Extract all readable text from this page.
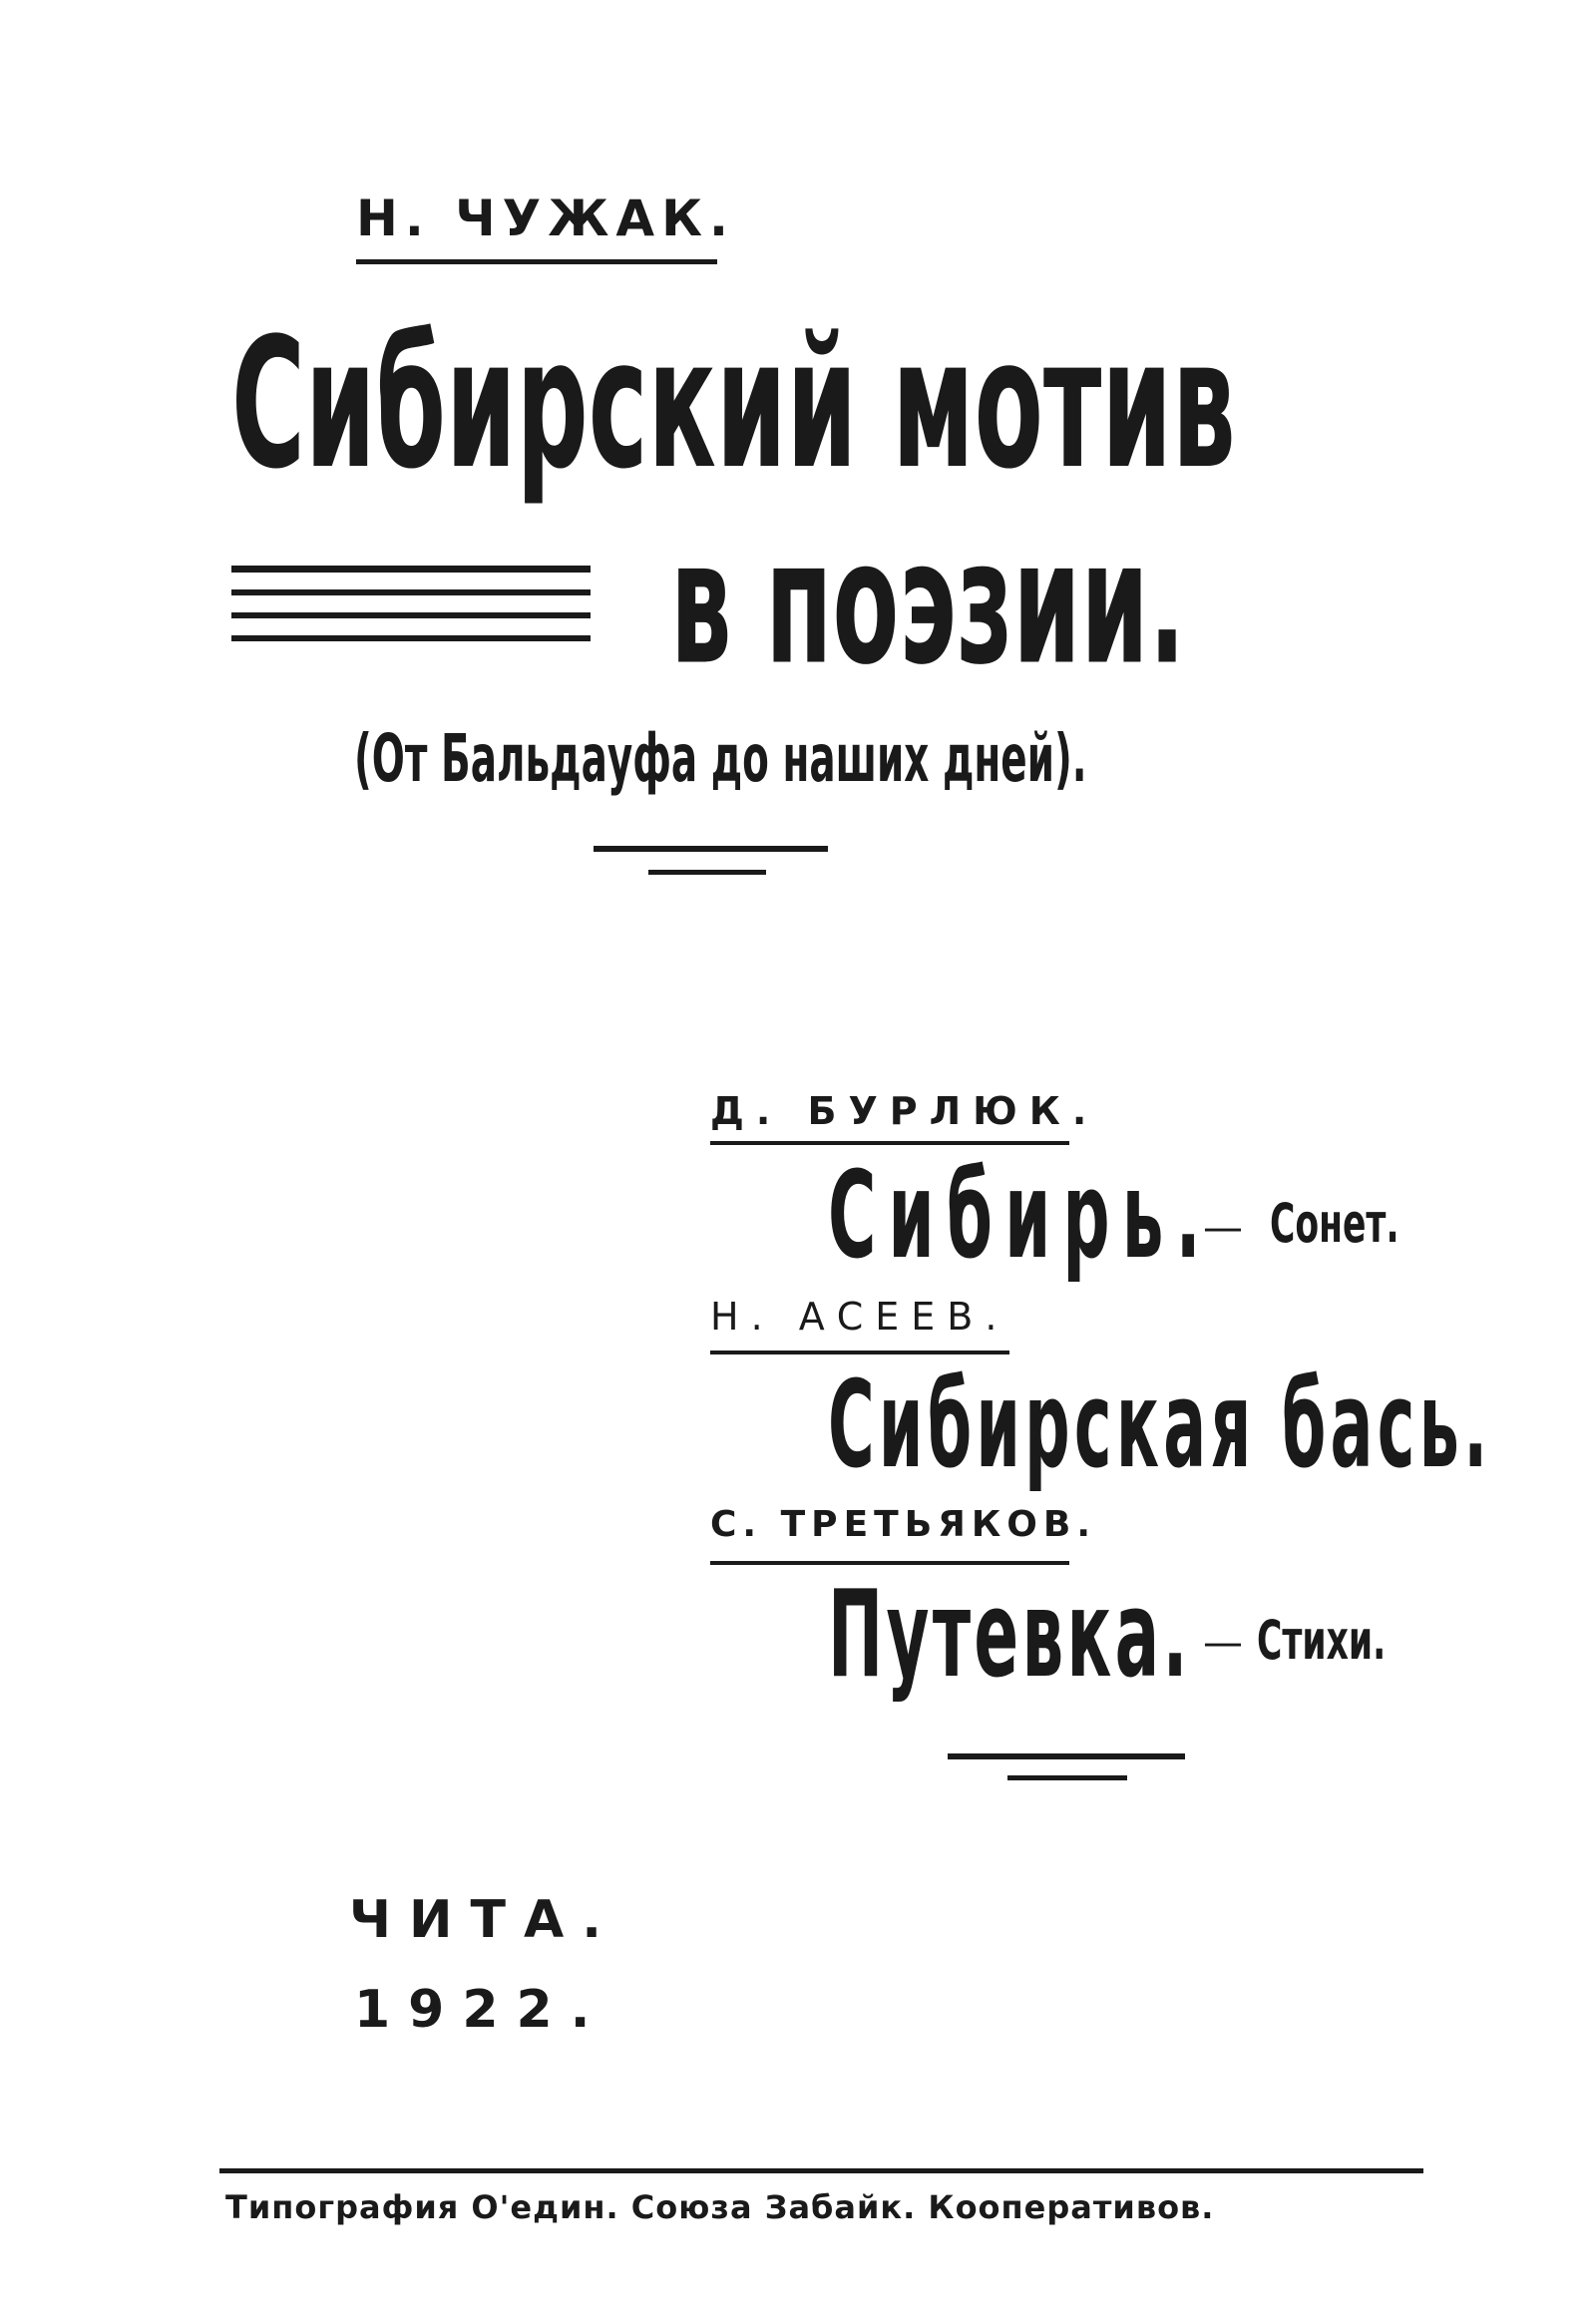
Н. ЧУЖАК.
Сибирский мотив
в поэзии.
(От Бальдауфа до наших дней).
Д. БУРЛЮК.
Сибирь.
— Сонет.
Н. АСЕЕВ.
Сибирская бась.
С. ТРЕТЬЯКОВ.
Путевка. — Стихи.
ЧИТА.
1922.
Типография О'един. Союза Забайк. Кооперативов.
